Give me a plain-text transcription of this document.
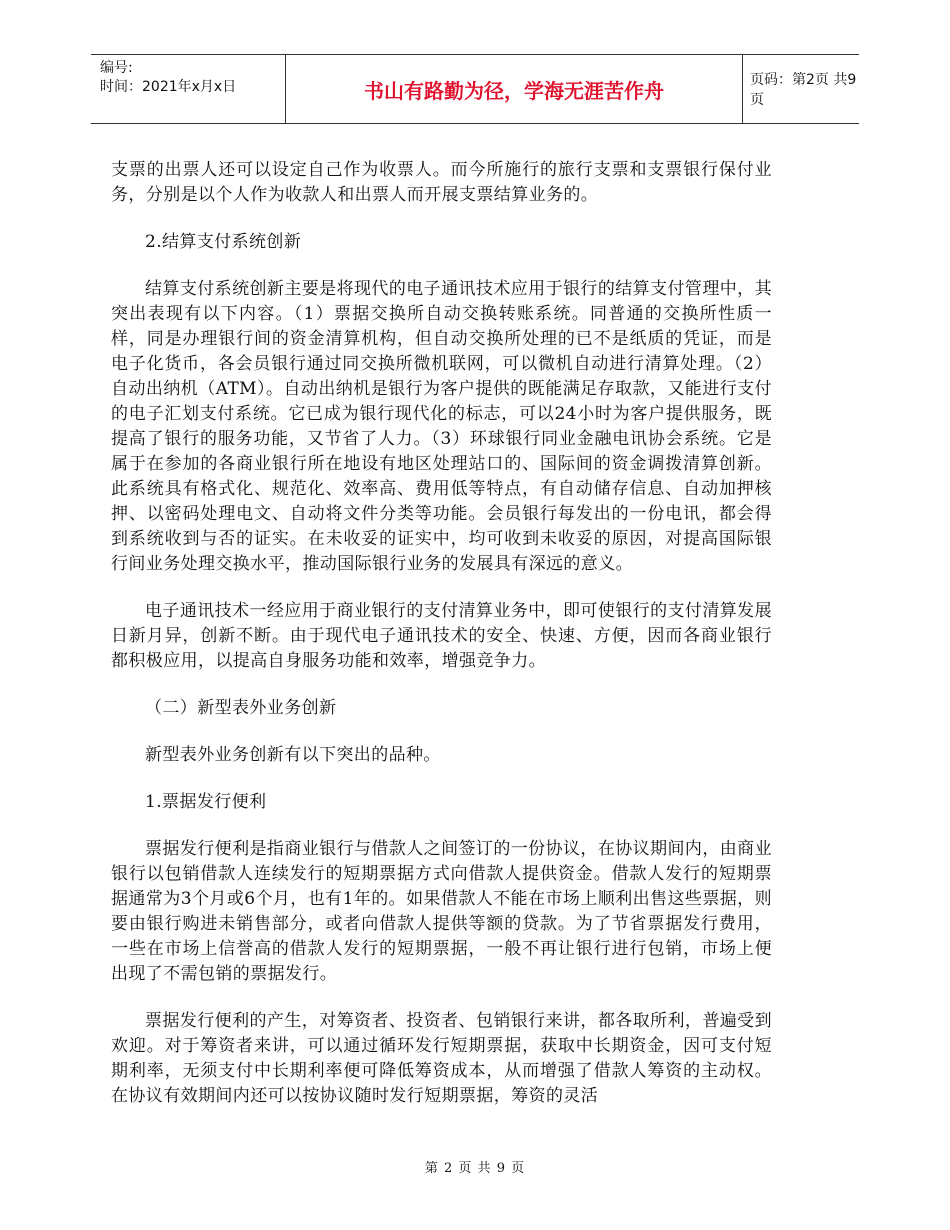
编号:
时间：2021年x月x日	书山有路勤为径，学海无涯苦作舟	页码：第2页 共9页

支票的出票人还可以设定自己作为收票人。而今所施行的旅行支票和支票银行保付业务，分别是以个人作为收款人和出票人而开展支票结算业务的。

2.结算支付系统创新

结算支付系统创新主要是将现代的电子通讯技术应用于银行的结算支付管理中，其突出表现有以下内容。（1）票据交换所自动交换转账系统。同普通的交换所性质一样，同是办理银行间的资金清算机构，但自动交换所处理的已不是纸质的凭证，而是电子化货币，各会员银行通过同交换所微机联网，可以微机自动进行清算处理。（2）自动出纳机（ATM）。自动出纳机是银行为客户提供的既能满足存取款，又能进行支付的电子汇划支付系统。它已成为银行现代化的标志，可以24小时为客户提供服务，既提高了银行的服务功能，又节省了人力。（3）环球银行同业金融电讯协会系统。它是属于在参加的各商业银行所在地设有地区处理站口的、国际间的资金调拨清算创新。此系统具有格式化、规范化、效率高、费用低等特点，有自动储存信息、自动加押核押、以密码处理电文、自动将文件分类等功能。会员银行每发出的一份电讯，都会得到系统收到与否的证实。在未收妥的证实中，均可收到未收妥的原因，对提高国际银行间业务处理交换水平，推动国际银行业务的发展具有深远的意义。

电子通讯技术一经应用于商业银行的支付清算业务中，即可使银行的支付清算发展日新月异，创新不断。由于现代电子通讯技术的安全、快速、方便，因而各商业银行都积极应用，以提高自身服务功能和效率，增强竞争力。

（二）新型表外业务创新

新型表外业务创新有以下突出的品种。

1.票据发行便利

票据发行便利是指商业银行与借款人之间签订的一份协议，在协议期间内，由商业银行以包销借款人连续发行的短期票据方式向借款人提供资金。借款人发行的短期票据通常为3个月或6个月，也有1年的。如果借款人不能在市场上顺利出售这些票据，则要由银行购进未销售部分，或者向借款人提供等额的贷款。为了节省票据发行费用，一些在市场上信誉高的借款人发行的短期票据，一般不再让银行进行包销，市场上便出现了不需包销的票据发行。

票据发行便利的产生，对筹资者、投资者、包销银行来讲，都各取所利，普遍受到欢迎。对于筹资者来讲，可以通过循环发行短期票据，获取中长期资金，因可支付短期利率，无须支付中长期利率便可降低筹资成本，从而增强了借款人筹资的主动权。在协议有效期间内还可以按协议随时发行短期票据，筹资的灵活

第 2 页 共 9 页
